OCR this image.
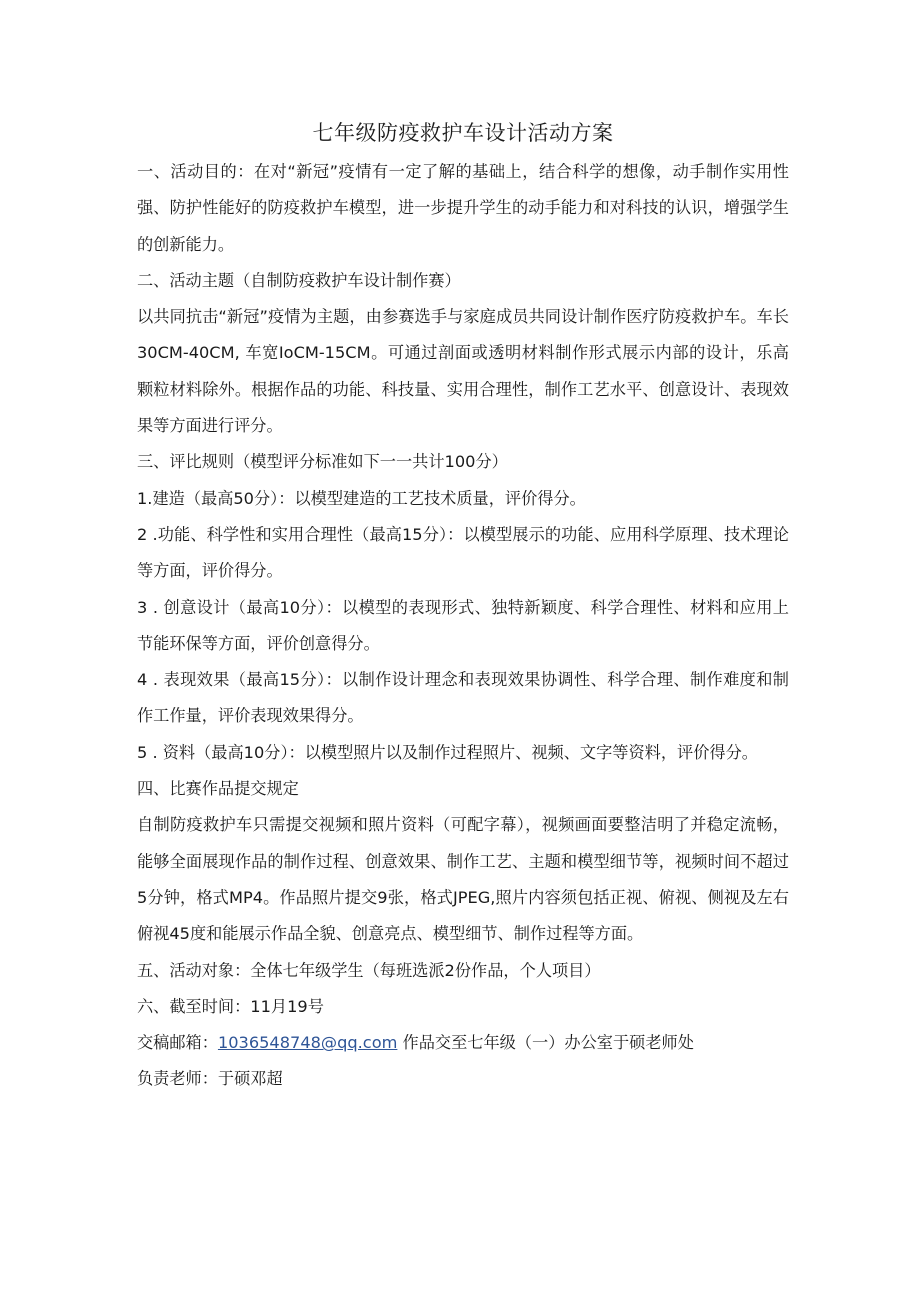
七年级防疫救护车设计活动方案

一、活动目的：在对“新冠”疫情有一定了解的基础上，结合科学的想像，动手制作实用性强、防护性能好的防疫救护车模型，进一步提升学生的动手能力和对科技的认识，增强学生的创新能力。

二、活动主题（自制防疫救护车设计制作赛）

以共同抗击“新冠”疫情为主题，由参赛选手与家庭成员共同设计制作医疗防疫救护车。车长30CM-40CM, 车宽IoCM-15CM。可通过剖面或透明材料制作形式展示内部的设计，乐高颗粒材料除外。根据作品的功能、科技量、实用合理性，制作工艺水平、创意设计、表现效果等方面进行评分。

三、评比规则（模型评分标准如下一一共计100分）

1.建造（最高50分）：以模型建造的工艺技术质量，评价得分。

2 .功能、科学性和实用合理性（最高15分）：以模型展示的功能、应用科学原理、技术理论等方面，评价得分。

3 . 创意设计（最高10分）：以模型的表现形式、独特新颖度、科学合理性、材料和应用上节能环保等方面，评价创意得分。

4 . 表现效果（最高15分）：以制作设计理念和表现效果协调性、科学合理、制作难度和制作工作量，评价表现效果得分。

5 . 资料（最高10分）：以模型照片以及制作过程照片、视频、文字等资料，评价得分。

四、比赛作品提交规定

自制防疫救护车只需提交视频和照片资料（可配字幕），视频画面要整洁明了并稳定流畅，能够全面展现作品的制作过程、创意效果、制作工艺、主题和模型细节等，视频时间不超过5分钟，格式MP4。作品照片提交9张，格式JPEG,照片内容须包括正视、俯视、侧视及左右俯视45度和能展示作品全貌、创意亮点、模型细节、制作过程等方面。

五、活动对象：全体七年级学生（每班选派2份作品，个人项目）

六、截至时间：11月19号

交稿邮箱：1036548748@qq.com 作品交至七年级（一）办公室于硕老师处

负责老师：于硕邓超
